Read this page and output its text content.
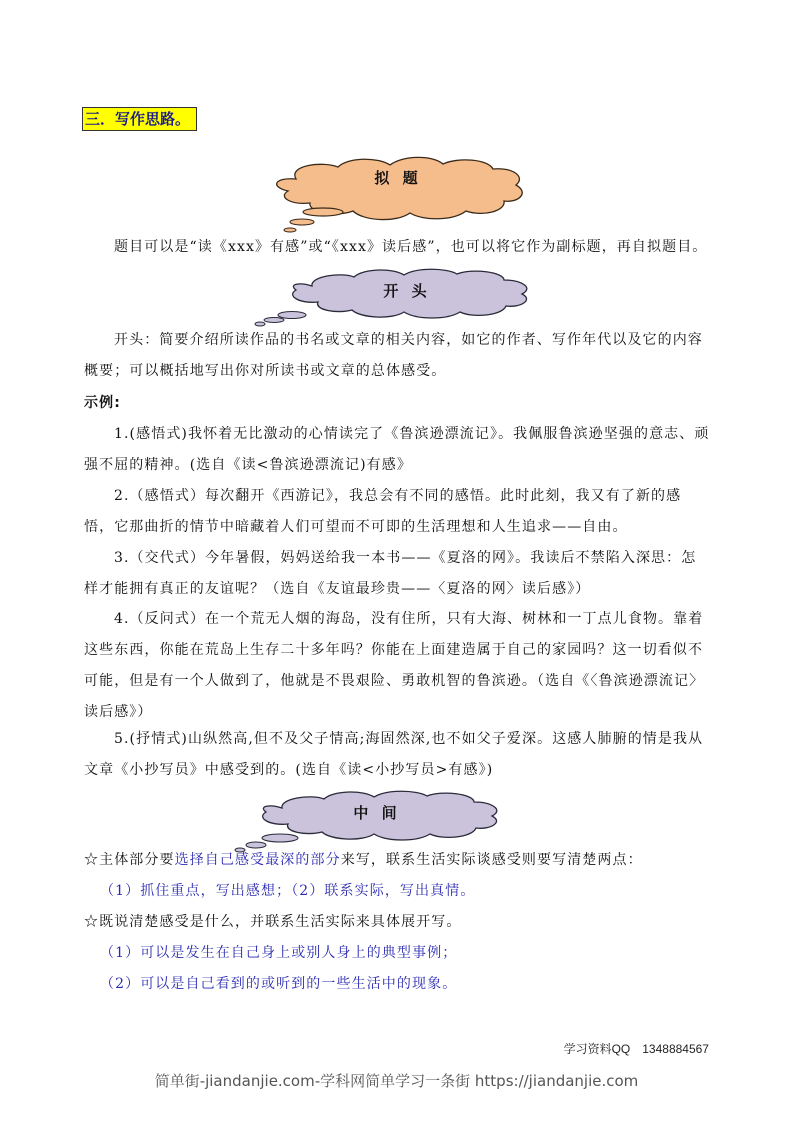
三．写作思路。
拟 题
题目可以是“读《xxx》有感”或“《xxx》读后感”，也可以将它作为副标题，再自拟题目。
开 头
开头：简要介绍所读作品的书名或文章的相关内容，如它的作者、写作年代以及它的内容概要；可以概括地写出你对所读书或文章的总体感受。
示例:
1.(感悟式)我怀着无比激动的心情读完了《鲁滨逊漂流记》。我佩服鲁滨逊坚强的意志、顽强不屈的精神。(选自《读<鲁滨逊漂流记)有感》
2.（感悟式）每次翻开《西游记》，我总会有不同的感悟。此时此刻，我又有了新的感悟，它那曲折的情节中暗藏着人们可望而不可即的生活理想和人生追求——自由。
3.（交代式）今年暑假，妈妈送给我一本书——《夏洛的网》。我读后不禁陷入深思：怎样才能拥有真正的友谊呢？（选自《友谊最珍贵——〈夏洛的网〉读后感》）
4.（反问式）在一个荒无人烟的海岛，没有住所，只有大海、树林和一丁点儿食物。靠着这些东西，你能在荒岛上生存二十多年吗？你能在上面建造属于自己的家园吗？这一切看似不可能，但是有一个人做到了，他就是不畏艰险、勇敢机智的鲁滨逊。（选自《〈鲁滨逊漂流记〉读后感》）
5.(抒情式)山纵然高,但不及父子情高;海固然深,也不如父子爱深。这感人肺腑的情是我从文章《小抄写员》中感受到的。(选自《读<小抄写员>有感》)
中 间
☆主体部分要选择自己感受最深的部分来写，联系生活实际谈感受则要写清楚两点：
（1）抓住重点，写出感想；（2）联系实际，写出真情。
☆既说清楚感受是什么，并联系生活实际来具体展开写。
（1）可以是发生在自己身上或别人身上的典型事例；
（2）可以是自己看到的或听到的一些生活中的现象。
学习资料QQ　1348884567
简单街-jiandanjie.com-学科网简单学习一条街 https://jiandanjie.com
